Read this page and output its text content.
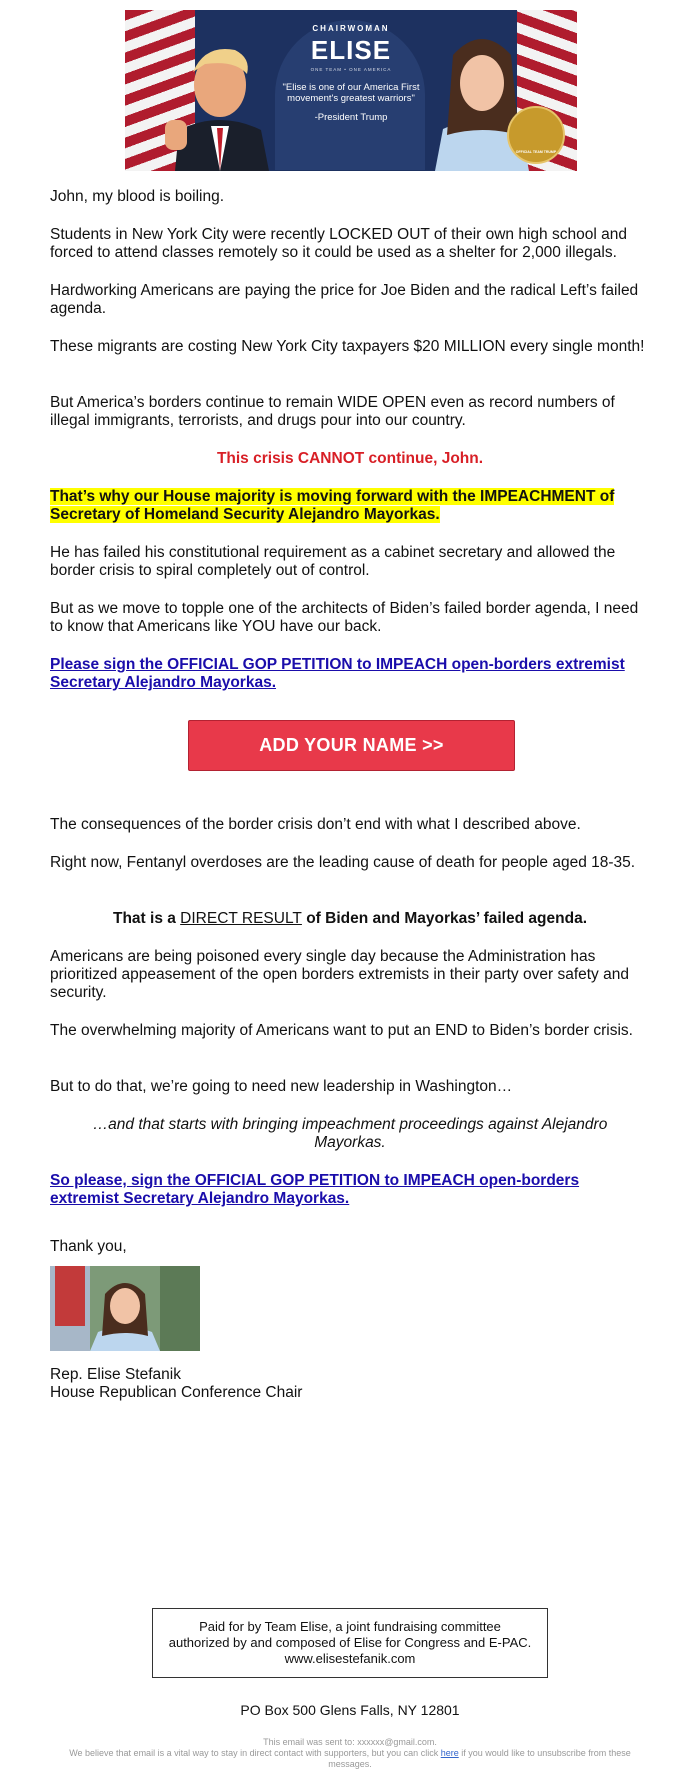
CHAIRWOMAN
ELISE
ONE TEAM • ONE AMERICA
"Elise is one of our America First movement's greatest warriors"
-President Trump
OFFICIAL TEAM TRUMP

John, my blood is boiling.

Students in New York City were recently LOCKED OUT of their own high school and forced to attend classes remotely so it could be used as a shelter for 2,000 illegals.

Hardworking Americans are paying the price for Joe Biden and the radical Left’s failed agenda.

These migrants are costing New York City taxpayers $20 MILLION every single month!

But America’s borders continue to remain WIDE OPEN even as record numbers of illegal immigrants, terrorists, and drugs pour into our country.

This crisis CANNOT continue, John.

That’s why our House majority is moving forward with the IMPEACHMENT of Secretary of Homeland Security Alejandro Mayorkas.

He has failed his constitutional requirement as a cabinet secretary and allowed the border crisis to spiral completely out of control.

But as we move to topple one of the architects of Biden’s failed border agenda, I need to know that Americans like YOU have our back.

Please sign the OFFICIAL GOP PETITION to IMPEACH open-borders extremist Secretary Alejandro Mayorkas.

ADD YOUR NAME >>

The consequences of the border crisis don’t end with what I described above.

Right now, Fentanyl overdoses are the leading cause of death for people aged 18-35.

That is a DIRECT RESULT of Biden and Mayorkas’ failed agenda.

Americans are being poisoned every single day because the Administration has prioritized appeasement of the open borders extremists in their party over safety and security.

The overwhelming majority of Americans want to put an END to Biden’s border crisis.

But to do that, we’re going to need new leadership in Washington…

…and that starts with bringing impeachment proceedings against Alejandro Mayorkas.

So please, sign the OFFICIAL GOP PETITION to IMPEACH open-borders extremist Secretary Alejandro Mayorkas.

Thank you,

Rep. Elise Stefanik

House Republican Conference Chair

Paid for by Team Elise, a joint fundraising committee authorized by and composed of Elise for Congress and E-PAC. www.elisestefanik.com
PO Box 500 Glens Falls, NY 12801
This email was sent to: xxxxxx@gmail.com.
We believe that email is a vital way to stay in direct contact with supporters, but you can click here if you would like to unsubscribe from these messages.
